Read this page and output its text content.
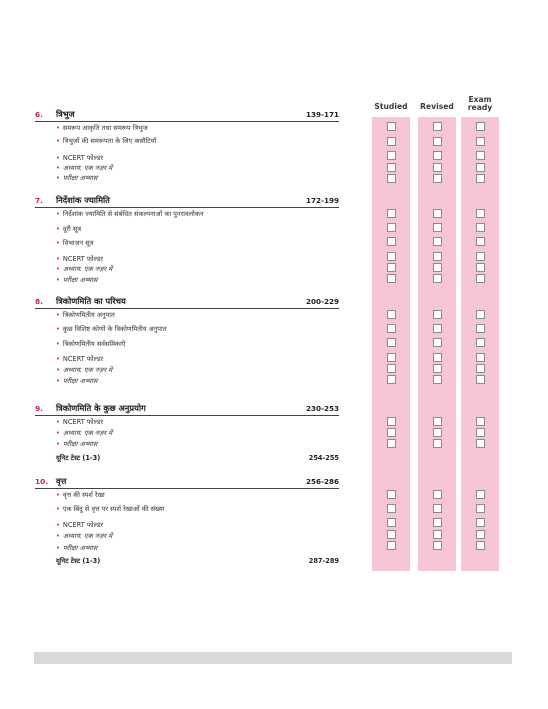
Studied	Revised
Exam
ready
6. त्रिभुज	139-171
• समरूप आकृति तथा समरूप त्रिभुज
• त्रिभुजों की समरूपता के लिए कसौटियाँ
• NCERT फोल्डर
• अध्याय: एक नज़र में
• परीक्षा अभ्यास
7. निर्देशांक ज्यामिति	172-199
• निर्देशांक ज्यामिति से संबंधित संकल्पनाओं का पुनरावलोकन
• दूरी सूत्र
• विभाजन सूत्र
• NCERT फोल्डर
• अध्याय: एक नज़र में
• परीक्षा अभ्यास
8. त्रिकोणमिति का परिचय	200-229
• त्रिकोणमितीय अनुपात
• कुछ विशिष्ट कोणों के त्रिकोणमितीय अनुपात
• त्रिकोणमितीय सर्वसमिकाएँ
• NCERT फोल्डर
• अध्याय: एक नज़र में
• परीक्षा अभ्यास
9. त्रिकोणमिति के कुछ अनुप्रयोग	230-253
• NCERT फोल्डर
• अध्याय: एक नज़र में
• परीक्षा अभ्यास
यूनिट टेस्ट (1-3)	254-255
10. वृत्त	256-286
• वृत्त की स्पर्श रेखा
• एक बिंदु से वृत्त पर स्पर्श रेखाओं की संख्या
• NCERT फोल्डर
• अध्याय: एक नज़र में
• परीक्षा अभ्यास
यूनिट टेस्ट (1-3)	287-289
